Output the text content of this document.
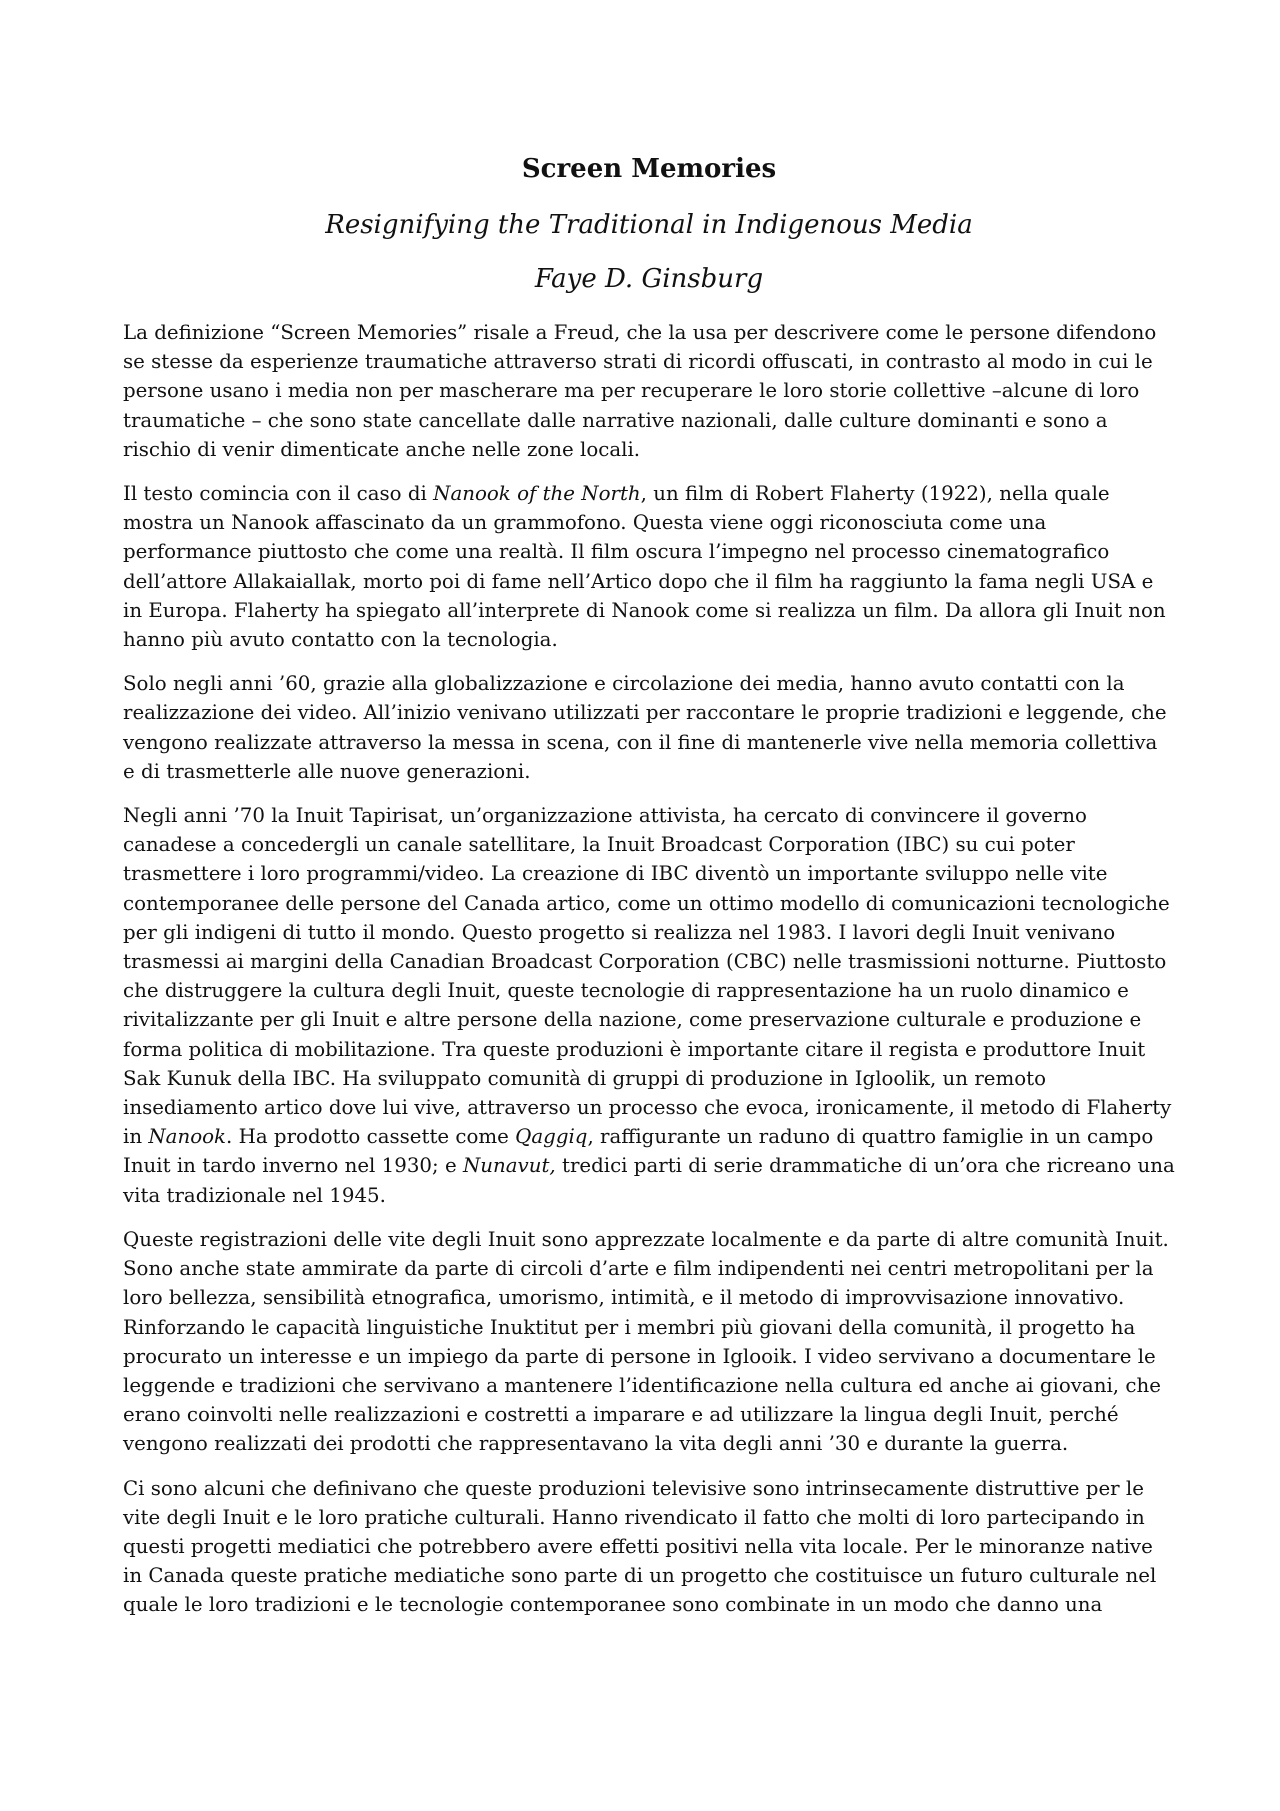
Screen Memories
Resignifying the Traditional in Indigenous Media
Faye D. Ginsburg

La definizione “Screen Memories” risale a Freud, che la usa per descrivere come le persone difendono se stesse da esperienze traumatiche attraverso strati di ricordi offuscati, in contrasto al modo in cui le persone usano i media non per mascherare ma per recuperare le loro storie collettive –alcune di loro traumatiche – che sono state cancellate dalle narrative nazionali, dalle culture dominanti e sono a rischio di venir dimenticate anche nelle zone locali.

Il testo comincia con il caso di Nanook of the North, un film di Robert Flaherty (1922), nella quale mostra un Nanook affascinato da un grammofono. Questa viene oggi riconosciuta come una performance piuttosto che come una realtà. Il film oscura l’impegno nel processo cinematografico dell’attore Allakaiallak, morto poi di fame nell’Artico dopo che il film ha raggiunto la fama negli USA e in Europa. Flaherty ha spiegato all’interprete di Nanook come si realizza un film. Da allora gli Inuit non hanno più avuto contatto con la tecnologia.

Solo negli anni ’60, grazie alla globalizzazione e circolazione dei media, hanno avuto contatti con la realizzazione dei video. All’inizio venivano utilizzati per raccontare le proprie tradizioni e leggende, che vengono realizzate attraverso la messa in scena, con il fine di mantenerle vive nella memoria collettiva e di trasmetterle alle nuove generazioni.

Negli anni ’70 la Inuit Tapirisat, un’organizzazione attivista, ha cercato di convincere il governo canadese a concedergli un canale satellitare, la Inuit Broadcast Corporation (IBC) su cui poter trasmettere i loro programmi/video. La creazione di IBC diventò un importante sviluppo nelle vite contemporanee delle persone del Canada artico, come un ottimo modello di comunicazioni tecnologiche per gli indigeni di tutto il mondo. Questo progetto si realizza nel 1983. I lavori degli Inuit venivano trasmessi ai margini della Canadian Broadcast Corporation (CBC) nelle trasmissioni notturne. Piuttosto che distruggere la cultura degli Inuit, queste tecnologie di rappresentazione ha un ruolo dinamico e rivitalizzante per gli Inuit e altre persone della nazione, come preservazione culturale e produzione e forma politica di mobilitazione. Tra queste produzioni è importante citare il regista e produttore Inuit Sak Kunuk della IBC. Ha sviluppato comunità di gruppi di produzione in Igloolik, un remoto insediamento artico dove lui vive, attraverso un processo che evoca, ironicamente, il metodo di Flaherty in Nanook. Ha prodotto cassette come Qaggiq, raffigurante un raduno di quattro famiglie in un campo Inuit in tardo inverno nel 1930; e Nunavut, tredici parti di serie drammatiche di un’ora che ricreano una vita tradizionale nel 1945.

Queste registrazioni delle vite degli Inuit sono apprezzate localmente e da parte di altre comunità Inuit. Sono anche state ammirate da parte di circoli d’arte e film indipendenti nei centri metropolitani per la loro bellezza, sensibilità etnografica, umorismo, intimità, e il metodo di improvvisazione innovativo. Rinforzando le capacità linguistiche Inuktitut per i membri più giovani della comunità, il progetto ha procurato un interesse e un impiego da parte di persone in Iglooik. I video servivano a documentare le leggende e tradizioni che servivano a mantenere l’identificazione nella cultura ed anche ai giovani, che erano coinvolti nelle realizzazioni e costretti a imparare e ad utilizzare la lingua degli Inuit, perché vengono realizzati dei prodotti che rappresentavano la vita degli anni ’30 e durante la guerra.

Ci sono alcuni che definivano che queste produzioni televisive sono intrinsecamente distruttive per le vite degli Inuit e le loro pratiche culturali. Hanno rivendicato il fatto che molti di loro partecipando in questi progetti mediatici che potrebbero avere effetti positivi nella vita locale. Per le minoranze native in Canada queste pratiche mediatiche sono parte di un progetto che costituisce un futuro culturale nel quale le loro tradizioni e le tecnologie contemporanee sono combinate in un modo che danno una
